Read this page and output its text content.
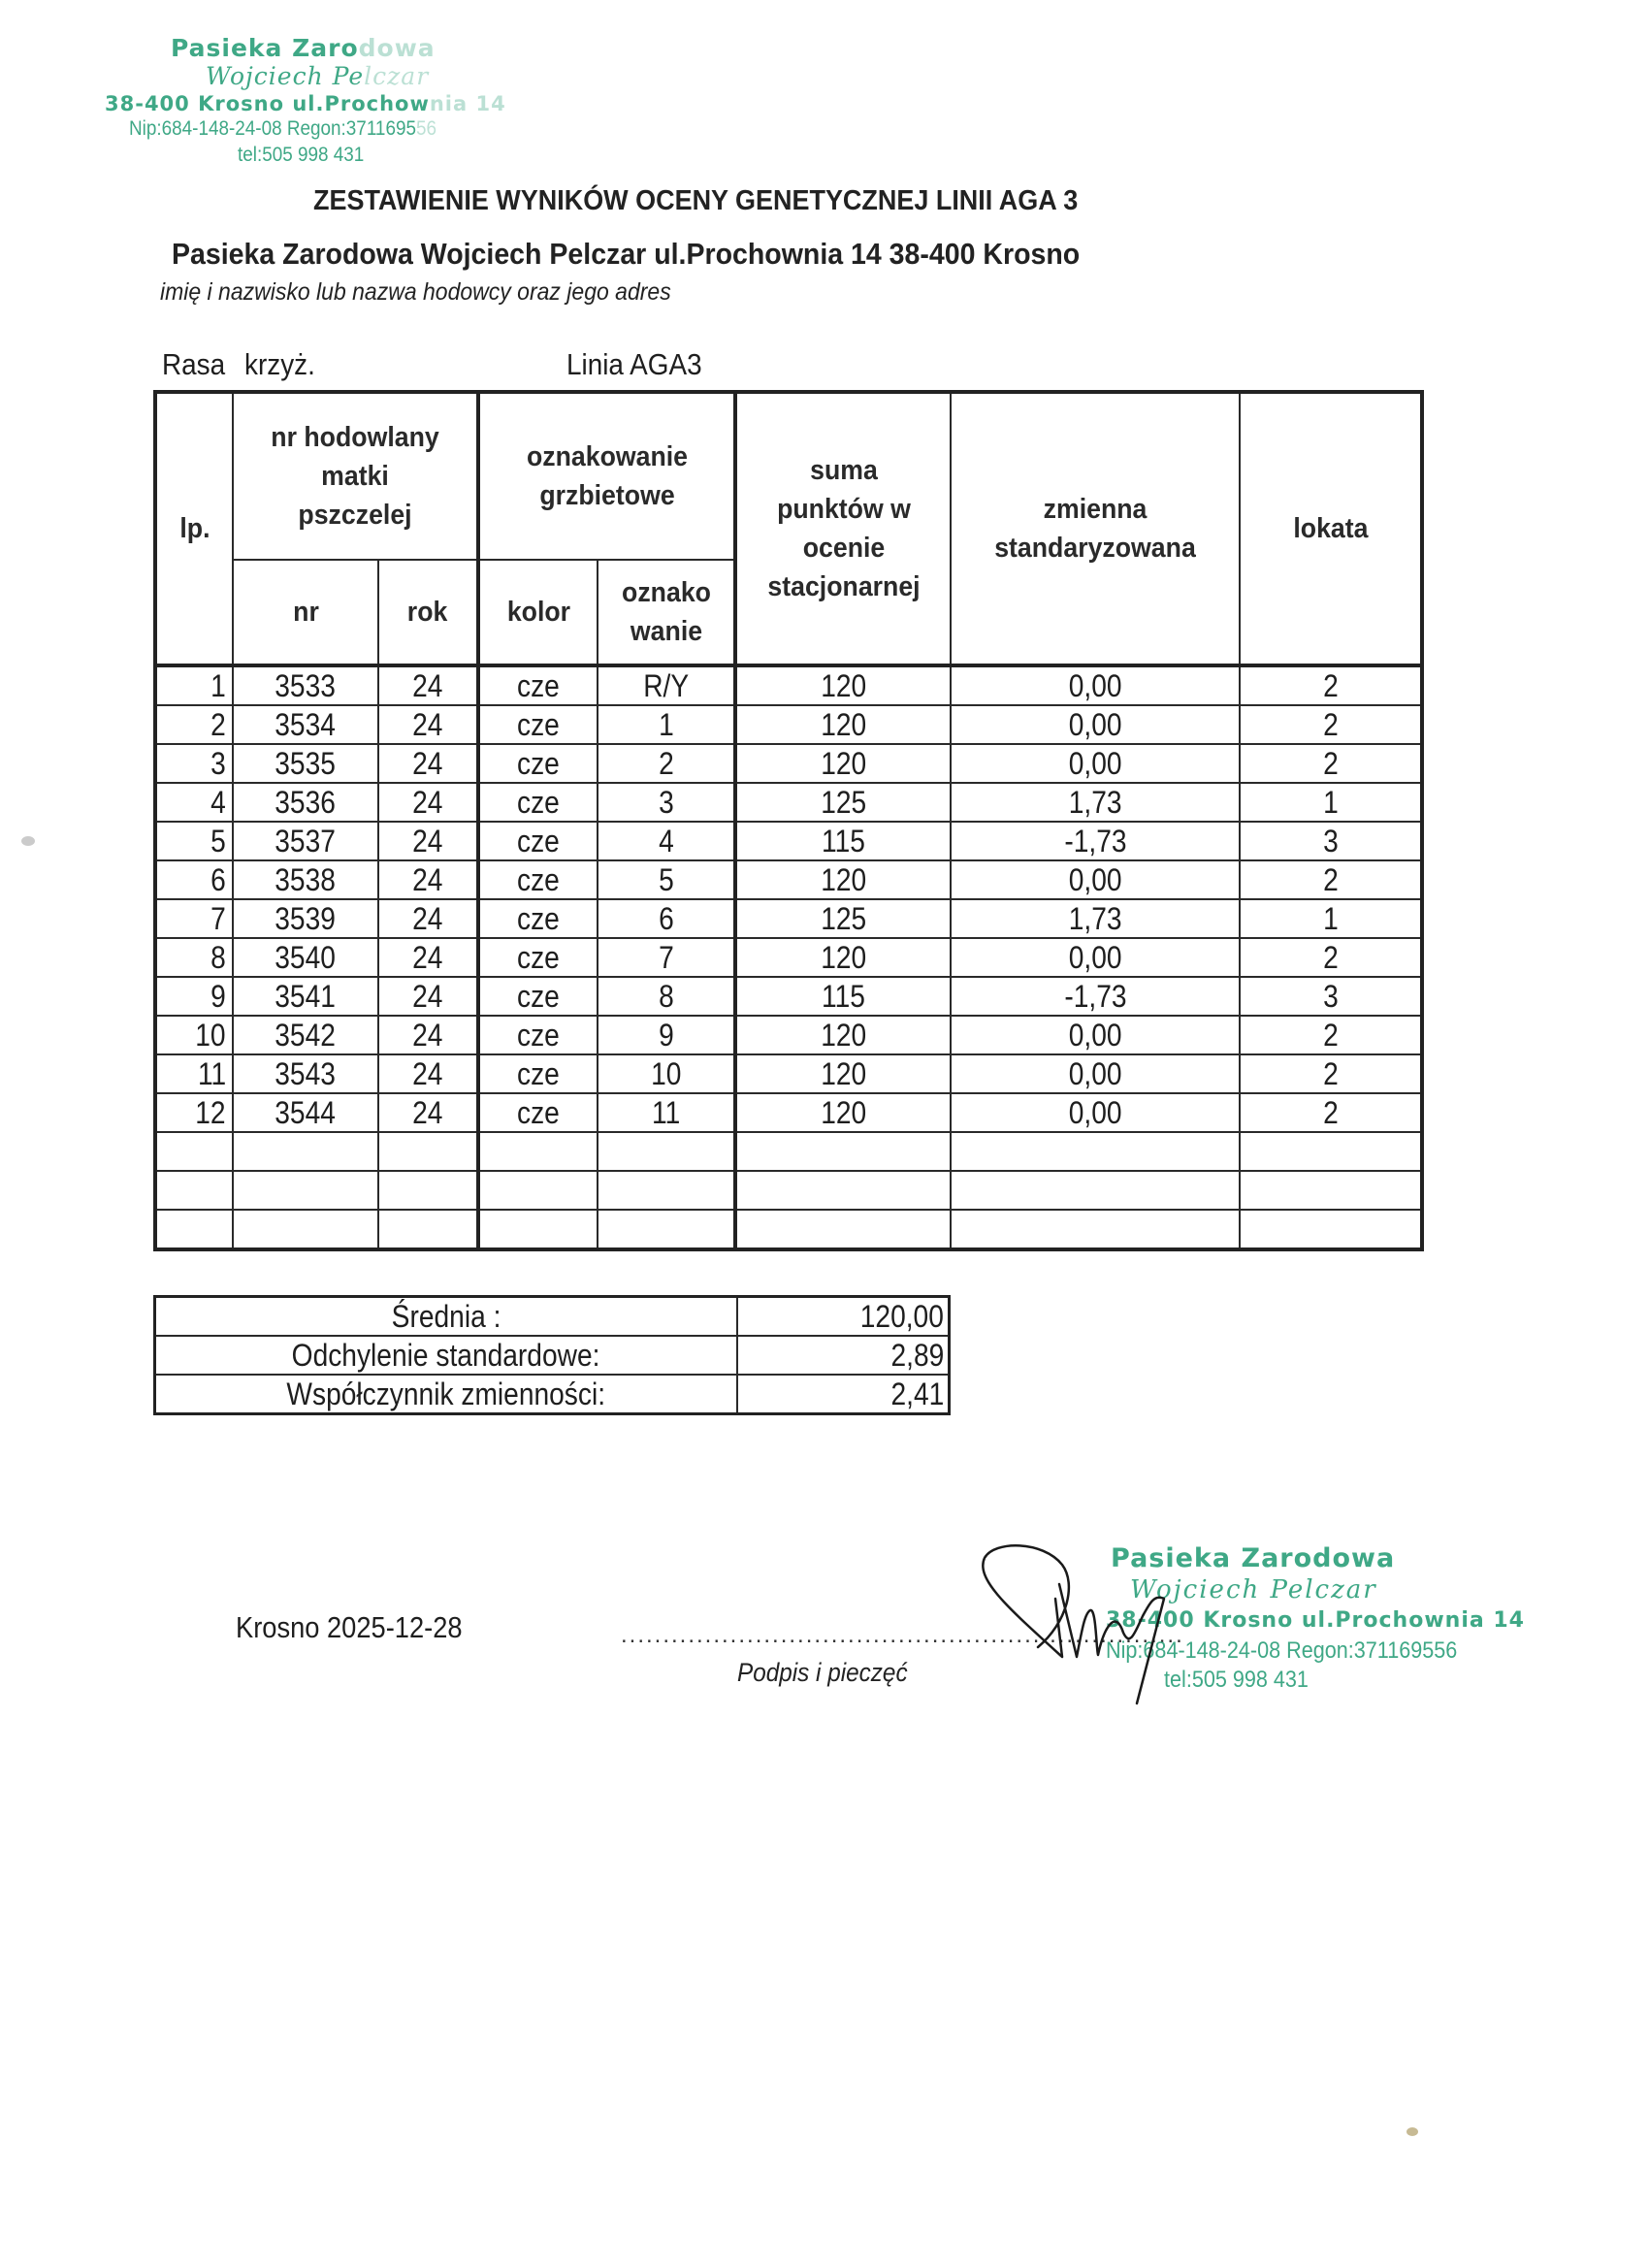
Pasieka Zarodowa
Wojciech Pelczar
38-400 Krosno ul.Prochownia 14
Nip:684-148-24-08 Regon:371169556
tel:505 998 431
ZESTAWIENIE WYNIKÓW OCENY GENETYCZNEJ LINII AGA 3
Pasieka Zarodowa Wojciech Pelczar ul.Prochownia 14 38-400 Krosno
imię i nazwisko lub nazwa hodowcy oraz jego adres
Rasa krzyż.	Linia AGA3
lp.	nr hodowlany matki pszczelej		oznakowanie grzbietowe		suma punktów w ocenie stacjonarnej	zmienna standaryzowana	lokata
	nr	rok	kolor	oznako wanie			
1	3533	24	cze	R/Y	120	0,00	2
2	3534	24	cze	1	120	0,00	2
3	3535	24	cze	2	120	0,00	2
4	3536	24	cze	3	125	1,73	1
5	3537	24	cze	4	115	-1,73	3
6	3538	24	cze	5	120	0,00	2
7	3539	24	cze	6	125	1,73	1
8	3540	24	cze	7	120	0,00	2
9	3541	24	cze	8	115	-1,73	3
10	3542	24	cze	9	120	0,00	2
11	3543	24	cze	10	120	0,00	2
12	3544	24	cze	11	120	0,00	2

Średnia :	120,00
Odchylenie standardowe:	2,89
Współczynnik zmienności:	2,41
Krosno 2025-12-28	...................................................................
Podpis i pieczęć
Pasieka Zarodowa
Wojciech Pelczar
38-400 Krosno ul.Prochownia 14
Nip:684-148-24-08 Regon:371169556
tel:505 998 431
